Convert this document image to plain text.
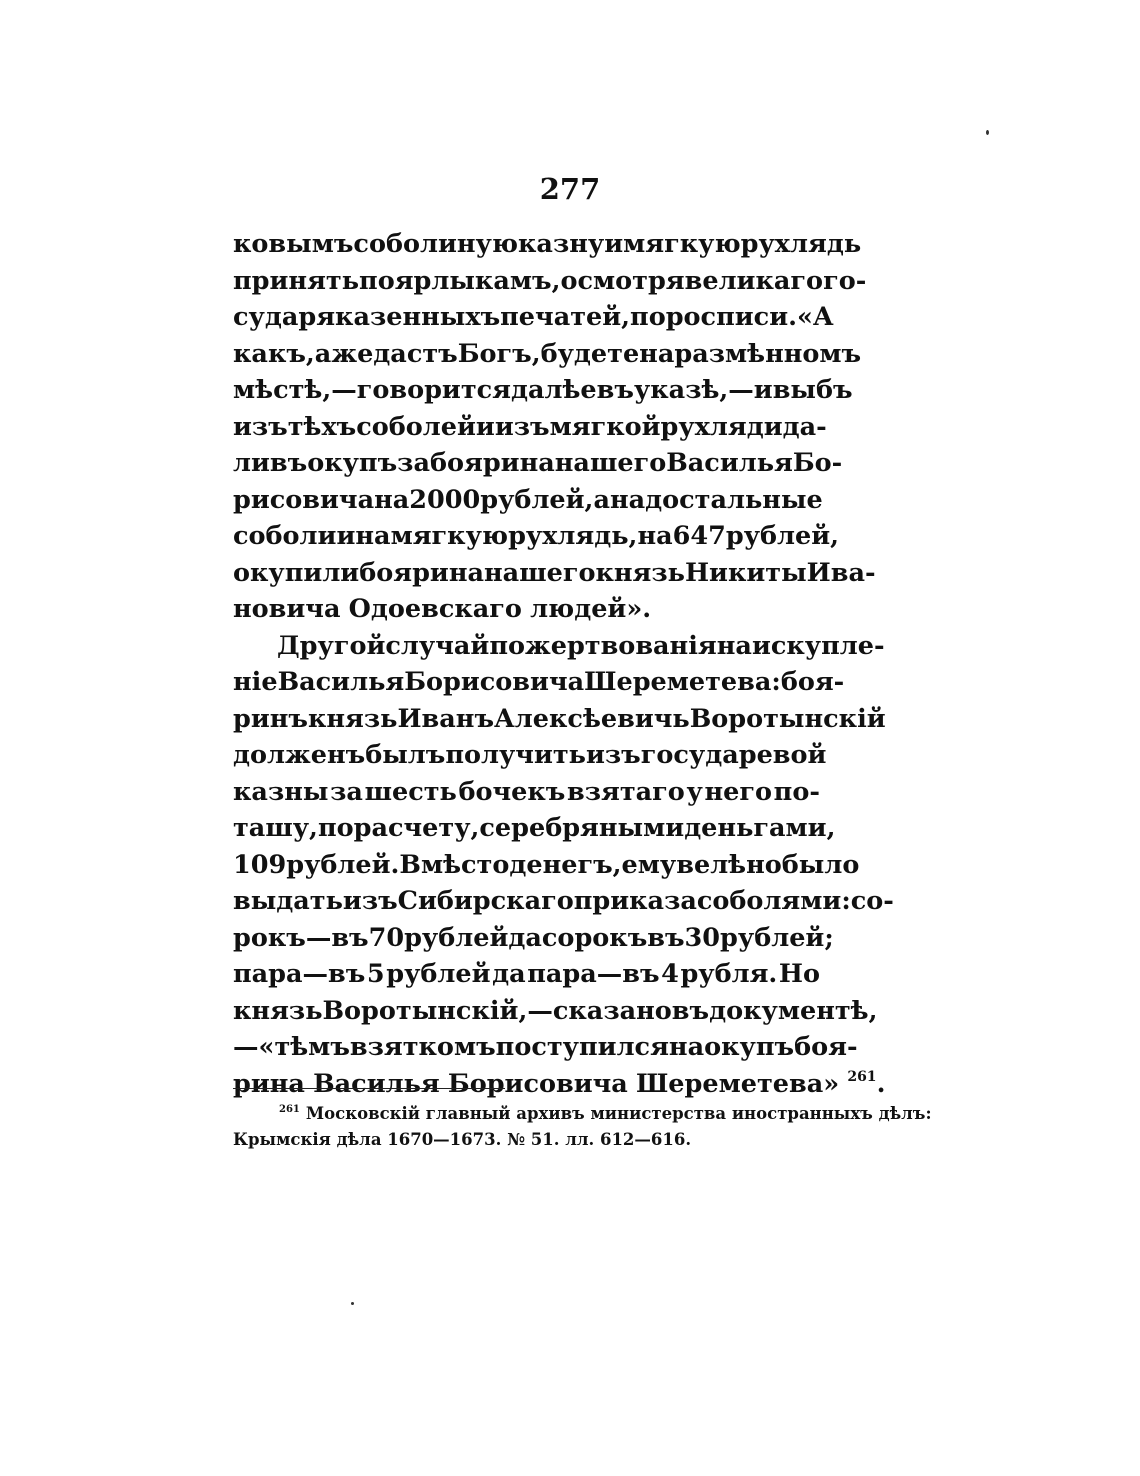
277
ковымъ соболиную казну и мягкую рухлядь
принять по ярлыкамъ, осмотря великаго го-
сударя казенныхъ печатей, по росписи. «А
какъ, аже дастъ Богъ, будете на размѣнномъ
мѣстѣ,—говорится далѣе въ указѣ,—и вы бъ
изъ тѣхъ соболей и изъ мягкой рухляди да-
ли въ окупъ за боярина нашего Василья Бо-
рисовича на 2000 рублей, а на достальные
соболи и на мягкую рухлядь, на 647 рублей,
окупили боярина нашего князь Никиты Ива-
новича Одоевскаго людей».
Другой случай пожертвованія на искупле-
ніе Василья Борисовича Шереметева: боя-
ринъ князь Иванъ Алексѣевичь Воротынскій
долженъ былъ получить изъ государевой
казны за шесть бочекъ взятаго у него по-
ташу, по расчету, серебряными деньгами,
109 рублей. Вмѣсто денегъ, ему велѣно было
выдать изъ Сибирскаго приказа соболями: со-
рокъ—въ 70 рублей да сорокъ въ 30 рублей;
пара—въ 5 рублей да пара—въ 4 рубля. Но
князь Воротынскій,— сказано въ документѣ,
—«тѣмъ взяткомъ поступился на окупъ боя-
рина Василья Борисовича Шереметева» $^{261}$.
$^{261}$ Московскій главный архивъ министерства иностранныхъ дѣлъ:
Крымскія дѣла 1670—1673. № 51. лл. 612—616.
